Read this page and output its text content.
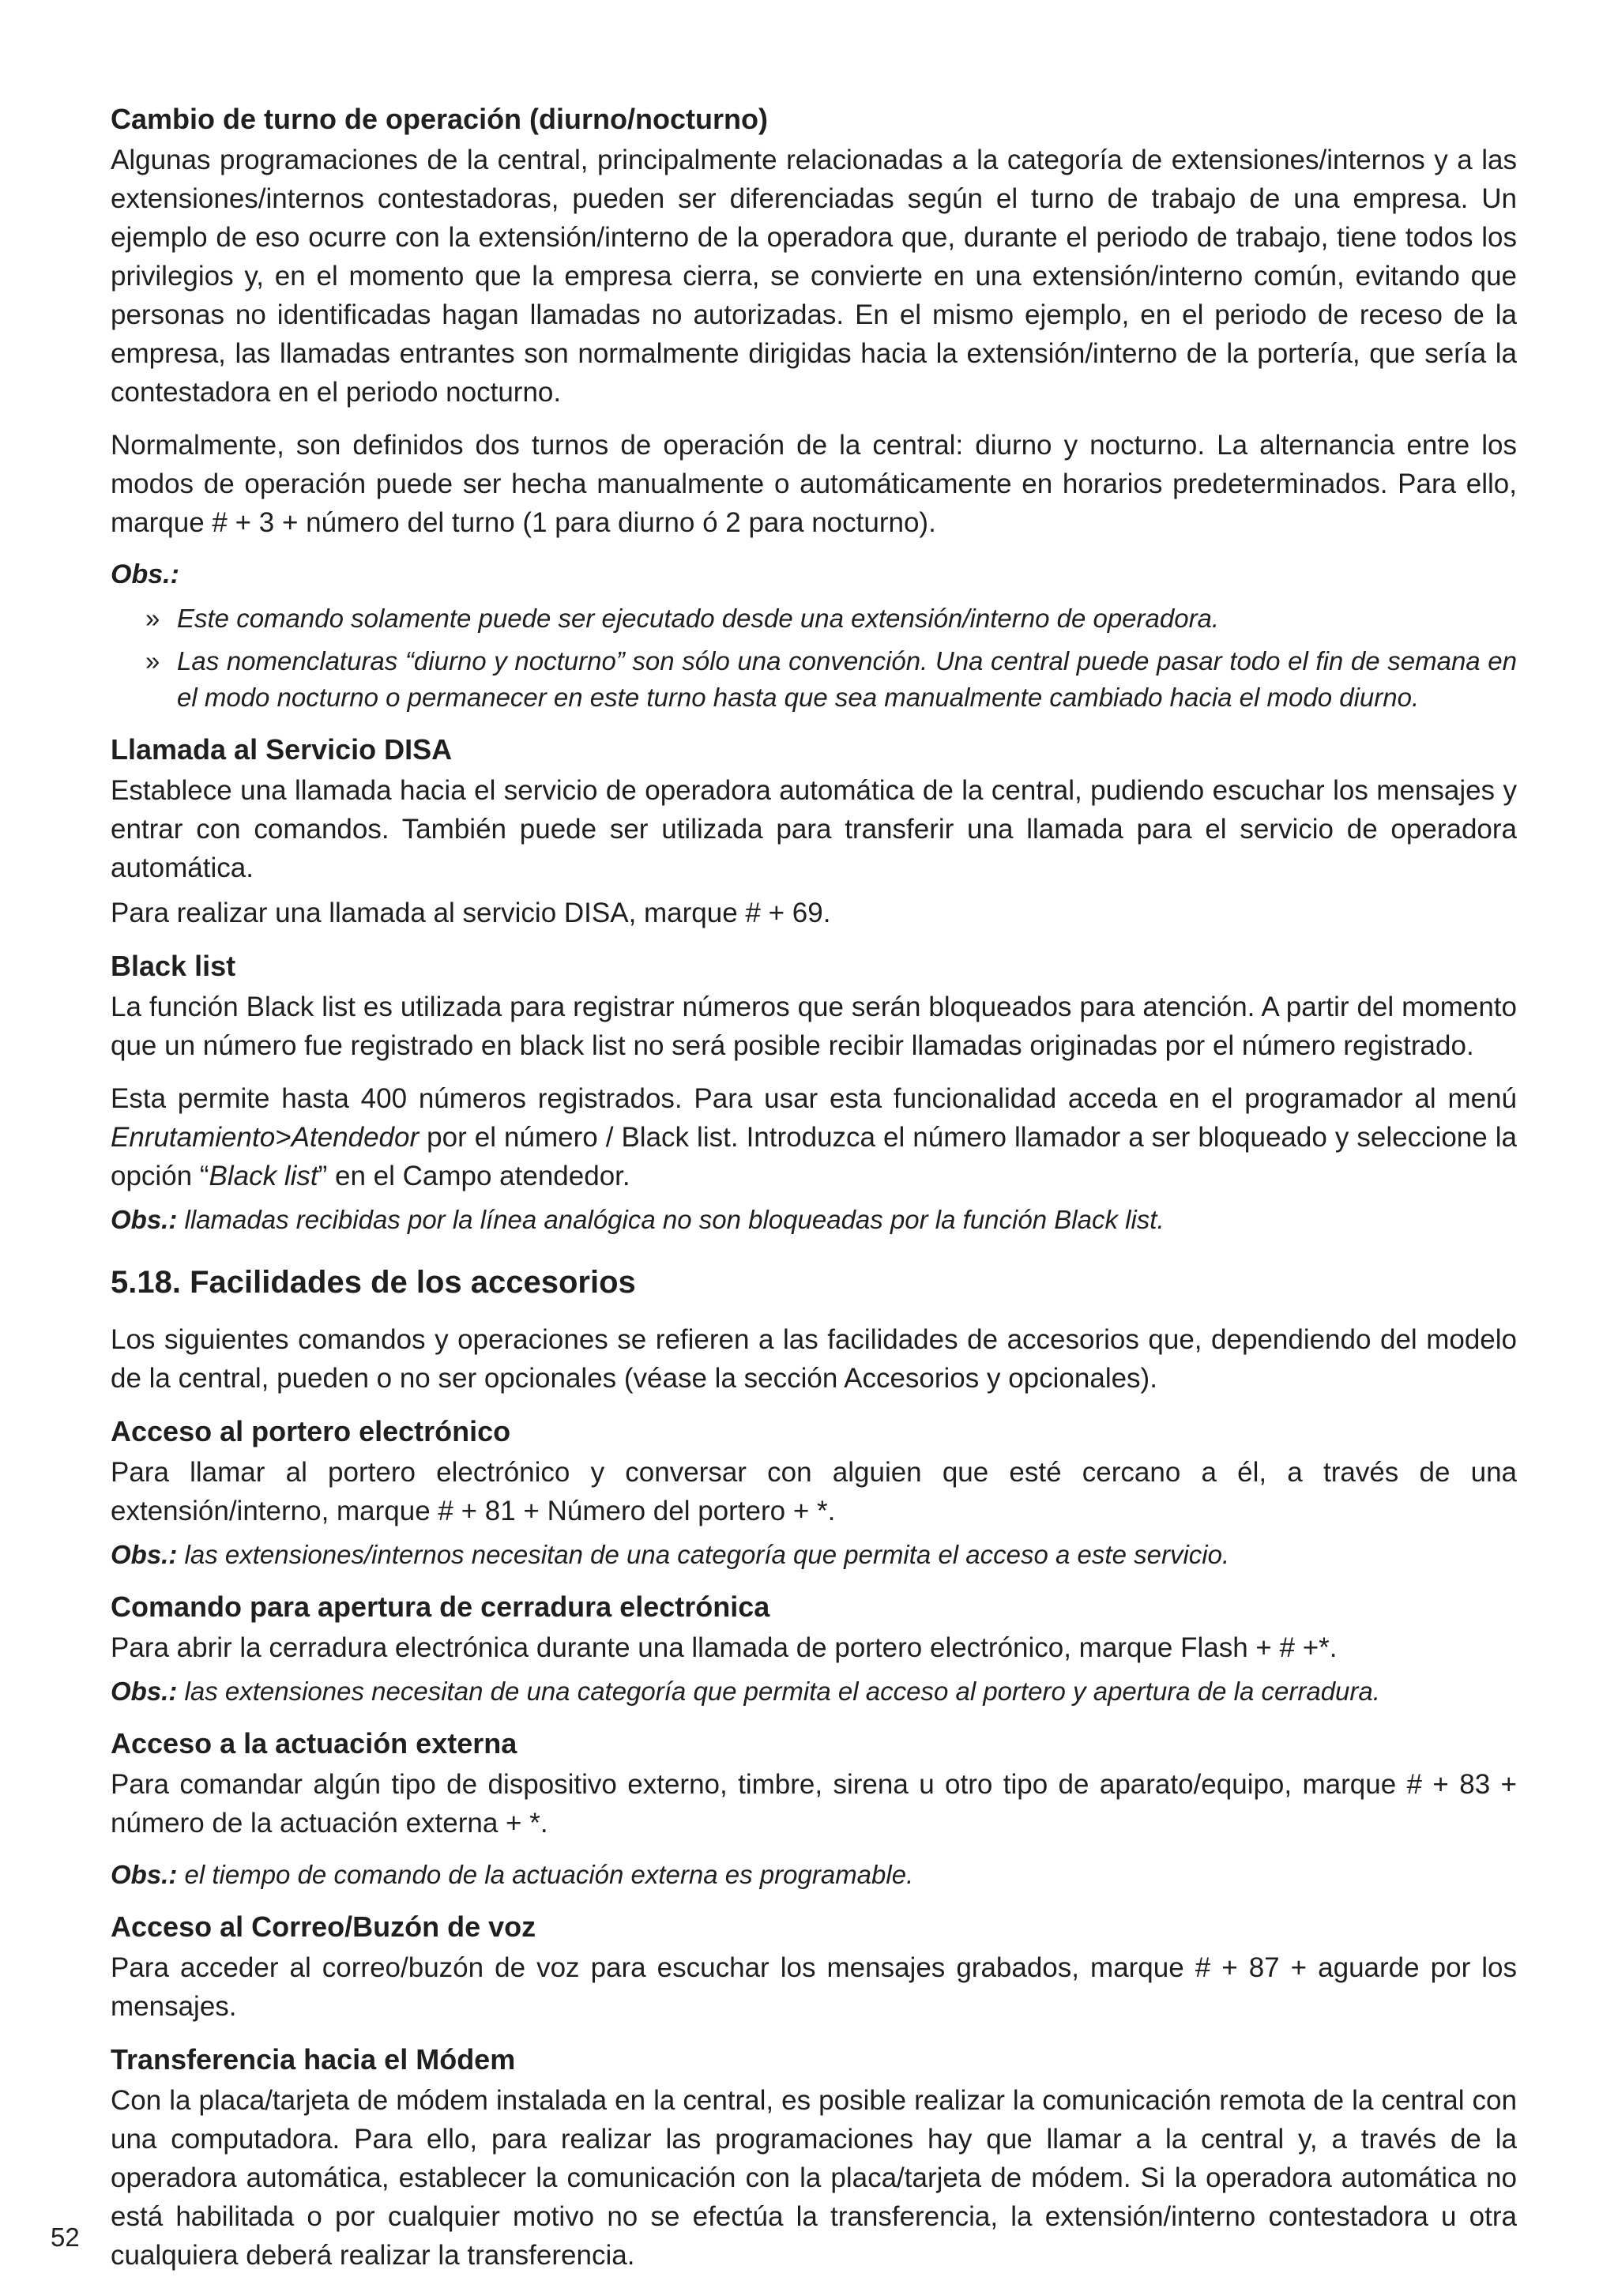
Cambio de turno de operación (diurno/nocturno)

Algunas programaciones de la central, principalmente relacionadas a la categoría de extensiones/internos y a las extensiones/internos contestadoras, pueden ser diferenciadas según el turno de trabajo de una empresa. Un ejemplo de eso ocurre con la extensión/interno de la operadora que, durante el periodo de trabajo, tiene todos los privilegios y, en el momento que la empresa cierra, se convierte en una extensión/interno común, evitando que personas no identificadas hagan llamadas no autorizadas. En el mismo ejemplo, en el periodo de receso de la empresa, las llamadas entrantes son normalmente dirigidas hacia la extensión/interno de la portería, que sería la contestadora en el periodo nocturno.

Normalmente, son definidos dos turnos de operación de la central: diurno y nocturno. La alternancia entre los modos de operación puede ser hecha manualmente o automáticamente en horarios predeterminados. Para ello, marque # + 3 + número del turno (1 para diurno ó 2 para nocturno).

Obs.:
» Este comando solamente puede ser ejecutado desde una extensión/interno de operadora.
» Las nomenclaturas “diurno y nocturno” son sólo una convención. Una central puede pasar todo el fin de semana en el modo nocturno o permanecer en este turno hasta que sea manualmente cambiado hacia el modo diurno.
Llamada al Servicio DISA

Establece una llamada hacia el servicio de operadora automática de la central, pudiendo escuchar los mensajes y entrar con comandos. También puede ser utilizada para transferir una llamada para el servicio de operadora automática.

Para realizar una llamada al servicio DISA, marque # + 69.

Black list

La función Black list es utilizada para registrar números que serán bloqueados para atención. A partir del momento que un número fue registrado en black list no será posible recibir llamadas originadas por el número registrado.

Esta permite hasta 400 números registrados. Para usar esta funcionalidad acceda en el programador al menú Enrutamiento>Atendedor por el número / Black list. Introduzca el número llamador a ser bloqueado y seleccione la opción “Black list” en el Campo atendedor.

Obs.: llamadas recibidas por la línea analógica no son bloqueadas por la función Black list.
5.18. Facilidades de los accesorios

Los siguientes comandos y operaciones se refieren a las facilidades de accesorios que, dependiendo del modelo de la central, pueden o no ser opcionales (véase la sección Accesorios y opcionales).

Acceso al portero electrónico

Para llamar al portero electrónico y conversar con alguien que esté cercano a él, a través de una extensión/interno, marque # + 81 + Número del portero + *.

Obs.: las extensiones/internos necesitan de una categoría que permita el acceso a este servicio.
Comando para apertura de cerradura electrónica

Para abrir la cerradura electrónica durante una llamada de portero electrónico, marque Flash + # +*.

Obs.: las extensiones necesitan de una categoría que permita el acceso al portero y apertura de la cerradura.
Acceso a la actuación externa

Para comandar algún tipo de dispositivo externo, timbre, sirena u otro tipo de aparato/equipo, marque # + 83 + número de la actuación externa + *.

Obs.: el tiempo de comando de la actuación externa es programable.
Acceso al Correo/Buzón de voz

Para acceder al correo/buzón de voz para escuchar los mensajes grabados, marque # + 87 + aguarde por los mensajes.

Transferencia hacia el Módem

Con la placa/tarjeta de módem instalada en la central, es posible realizar la comunicación remota de la central con una computadora. Para ello, para realizar las programaciones hay que llamar a la central y, a través de la operadora automática, establecer la comunicación con la placa/tarjeta de módem. Si la operadora automática no está habilitada o por cualquier motivo no se efectúa la transferencia, la extensión/interno contestadora u otra cualquiera deberá realizar la transferencia.

52
